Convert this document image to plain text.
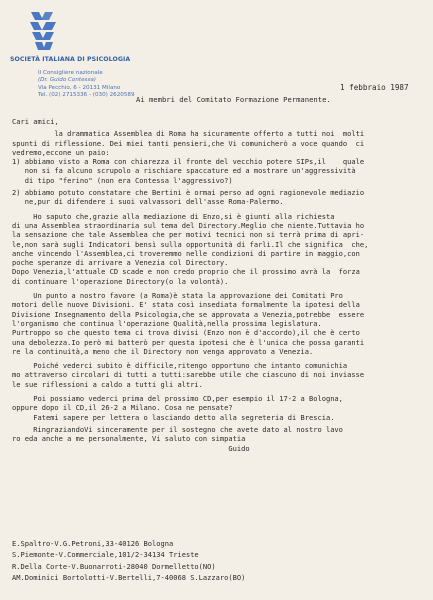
SOCIETÀ ITALIANA DI PSICOLOGIA
Il Consigliere nazionale
(Dr. Guido Contessa)
Via Pecchio, 6 - 20131 Milano
Tel. (02) 2715336 - (030) 2620589
1 febbraio 1987
Ai membri del Comitato Formazione Permanente.
Cari amici,
la drammatica Assemblea di Roma ha sicuramente offerto a tutti noi  molti
spunti di riflessione. Dei miei tanti pensieri,che Vi comunicherò a voce quando  ci
vedremo,eccone un paio:
1) abbiamo visto a Roma con chiarezza il fronte del vecchio potere SIPs,il    quale
non si fa alcuno scrupolo a rischiare spaccature ed a mostrare un'aggressività
di tipo "ferino" (non era Contessa l'aggressivo?)
2) abbiamo potuto constatare che Bertini è ormai perso ad ogni ragionevole mediazio
ne,pur di difendere i suoi valvassori dell'asse Roma-Palermo.
Ho saputo che,grazie alla mediazione di Enzo,si è giunti alla richiesta
di una Assemblea straordinaria sul tema del Directory.Meglio che niente.Tuttavia ho
la sensazione che tale Assemblea che per motivi tecnici non si terrà prima di apri-
le,non sarà sugli Indicatori bensì sulla opportunità di farli.Il che significa  che,
anche vincendo l'Assemblea,ci troveremmo nelle condizioni di partire in maggio,con
poche speranze di arrivare a Venezia col Directory.
Dopo Venezia,l'attuale CD scade e non credo proprio che il prossimo avrà la  forza
di continuare l'operazione Directory(o la volontà).
Un punto a nostro favore (a Roma)è stata la approvazione dei Comitati Pro
motori delle nuove Divisioni. E' stata così insediata formalmente la ipotesi della
Divisione Insegnamento della Psicologia,che se approvata a Venezia,potrebbe  essere
l'organismo che continua l'operazione Qualità,nella prossima legislatura.
Purtroppo so che questo tema ci trova divisi (Enzo non è d'accordo),il che è certo
una debolezza.Io però mi batterò per questa ipotesi che è l'unica che possa garanti
re la continuità,a meno che il Directory non venga approvato a Venezia.
Poiché vederci subito è difficile,ritengo opportuno che intanto comunichia
mo attraverso circolari di tutti a tutti:sarebbe utile che ciascuno di noi inviasse
le sue riflessioni a caldo a tutti gli altri.
Poi possiamo vederci prima del prossimo CD,per esempio il 17-2 a Bologna,
oppure dopo il CD,il 26-2 a Milano. Cosa ne pensate?
Fatemi sapere per lettera o lasciando detto alla segreteria di Brescia.
RingraziandoVi sinceramente per il sostegno che avete dato al nostro lavo
ro eda anche a me personalmente, Vi saluto con simpatia
Guido
E.Spaltro-V.G.Petroni,33-40126 Bologna
S.Piemonte-V.Commerciale,101/2-34134 Trieste
R.Della Corte-V.Buonarroti-28040 Dormelletto(NO)
AM.Dominici Bortolotti-V.Bertelli,7-40068 S.Lazzaro(BO)
